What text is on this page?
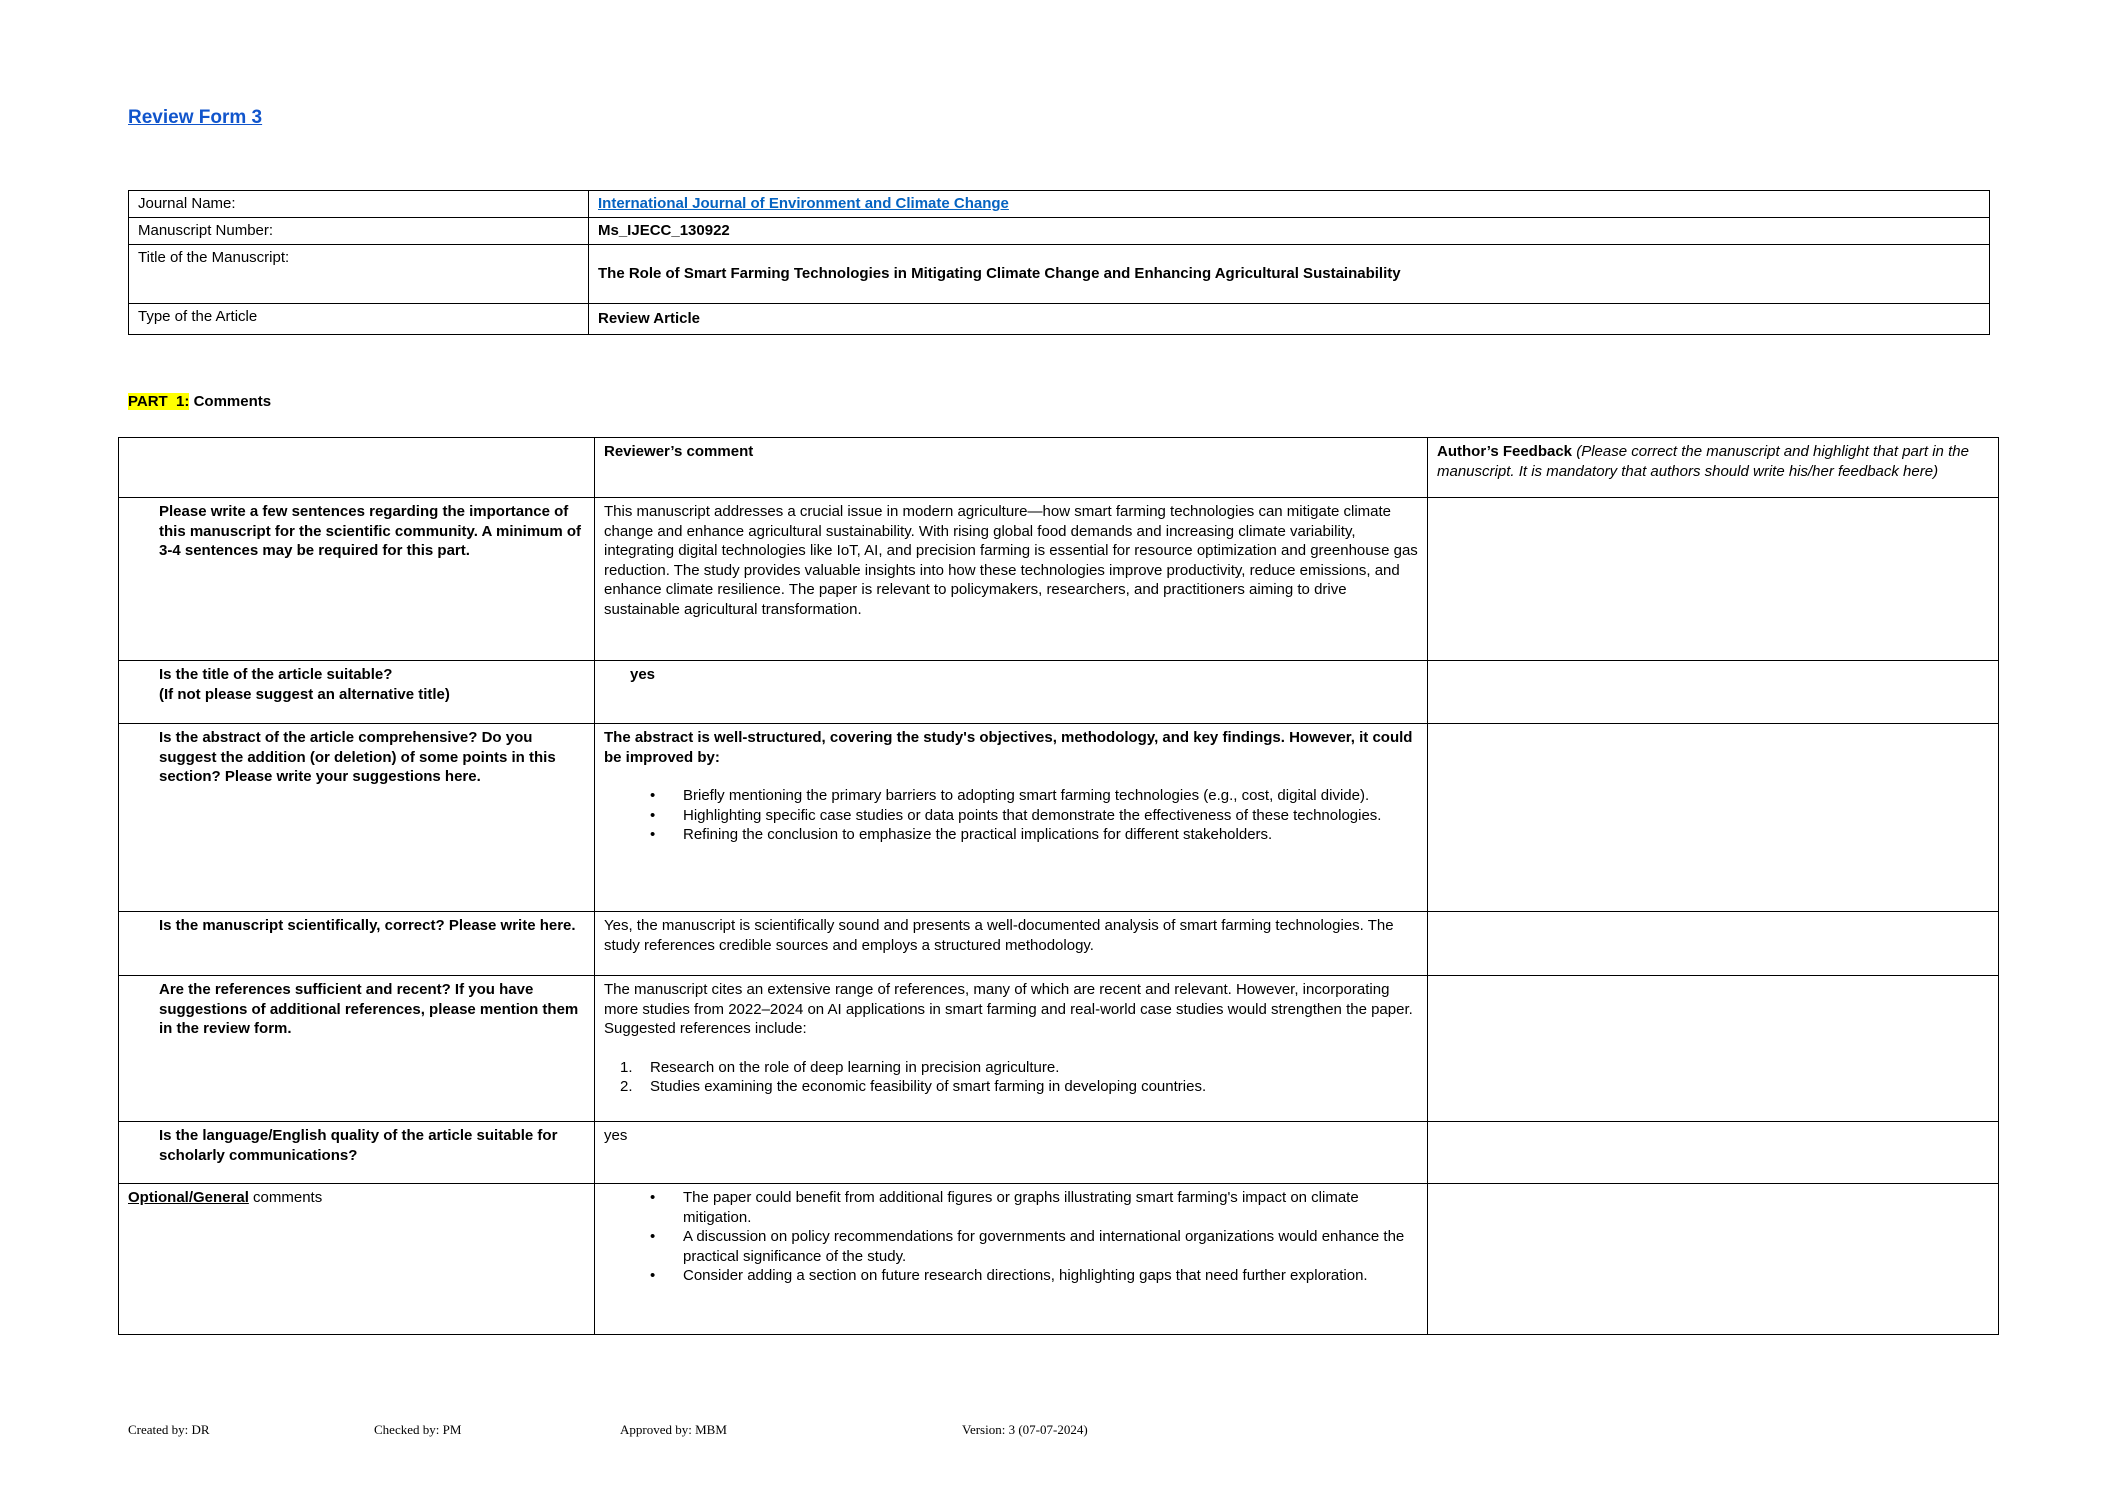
Review Form 3
Journal Name:	International Journal of Environment and Climate Change
Manuscript Number:	Ms_IJECC_130922
Title of the Manuscript:	The Role of Smart Farming Technologies in Mitigating Climate Change and Enhancing Agricultural Sustainability
Type of the Article	Review Article
PART  1: Comments
	Reviewer’s comment	Author’s Feedback (Please correct the manuscript and highlight that part in the manuscript. It is mandatory that authors should write his/her feedback here)
Please write a few sentences regarding the importance of this manuscript for the scientific community. A minimum of 3-4 sentences may be required for this part.	This manuscript addresses a crucial issue in modern agriculture—how smart farming technologies can mitigate climate change and enhance agricultural sustainability. With rising global food demands and increasing climate variability, integrating digital technologies like IoT, AI, and precision farming is essential for resource optimization and greenhouse gas reduction. The study provides valuable insights into how these technologies improve productivity, reduce emissions, and enhance climate resilience. The paper is relevant to policymakers, researchers, and practitioners aiming to drive sustainable agricultural transformation.	

Is the title of the article suitable?
(If not please suggest an alternative title)	yes	

Is the abstract of the article comprehensive? Do you suggest the addition (or deletion) of some points in this section? Please write your suggestions here.	
The abstract is well-structured, covering the study's objectives, methodology, and key findings. However, it could be improved by:
•	Briefly mentioning the primary barriers to adopting smart farming technologies (e.g., cost, digital divide).
•	Highlighting specific case studies or data points that demonstrate the effectiveness of these technologies.
•	Refining the conclusion to emphasize the practical implications for different stakeholders.

Is the manuscript scientifically, correct? Please write here.	Yes, the manuscript is scientifically sound and presents a well-documented analysis of smart farming technologies. The study references credible sources and employs a structured methodology.	

Are the references sufficient and recent? If you have suggestions of additional references, please mention them in the review form.	The manuscript cites an extensive range of references, many of which are recent and relevant. However, incorporating more studies from 2022–2024 on AI applications in smart farming and real-world case studies would strengthen the paper. Suggested references include:
1. Research on the role of deep learning in precision agriculture.
2. Studies examining the economic feasibility of smart farming in developing countries.	

Is the language/English quality of the article suitable for scholarly communications?	yes	

Optional/General comments	•	The paper could benefit from additional figures or graphs illustrating smart farming's impact on climate mitigation.
•	A discussion on policy recommendations for governments and international organizations would enhance the practical significance of the study.
•	Consider adding a section on future research directions, highlighting gaps that need further exploration.

Created by: DR	Checked by: PM	Approved by: MBM	Version: 3 (07-07-2024)
